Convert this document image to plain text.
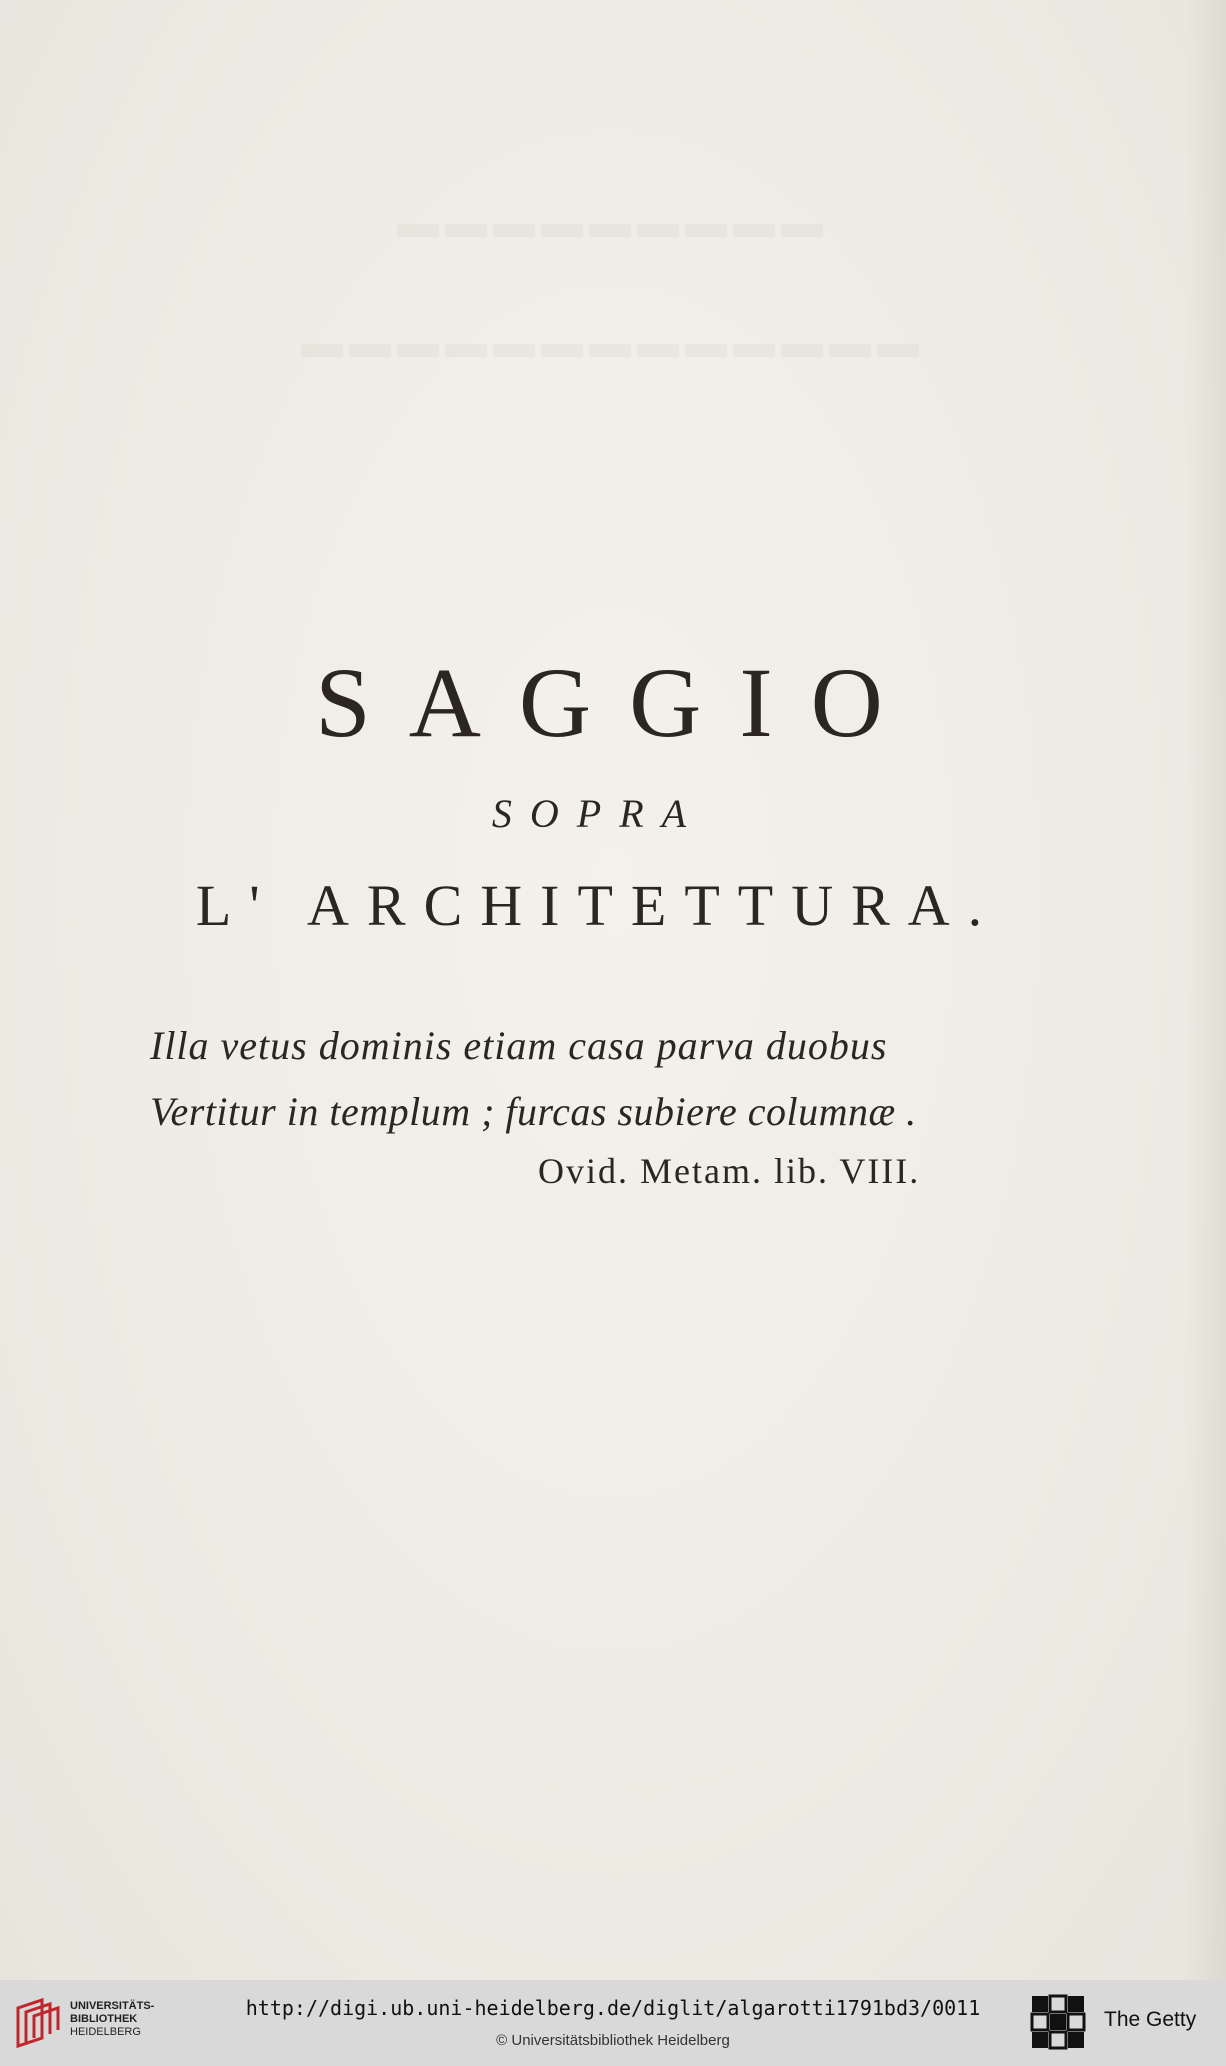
▬▬▬▬▬▬▬▬▬
▬▬▬▬▬▬▬▬▬▬▬▬▬
SAGGIO
SOPRA
L' ARCHITETTURA.
Illa vetus dominis etiam casa parva duobus
Vertitur in templum ; furcas subiere columnæ .
Ovid. Metam. lib. VIII.
UNIVERSITÄTS-
BIBLIOTHEK
HEIDELBERG
http://digi.ub.uni-heidelberg.de/diglit/algarotti1791bd3/0011
© Universitätsbibliothek Heidelberg
The Getty
